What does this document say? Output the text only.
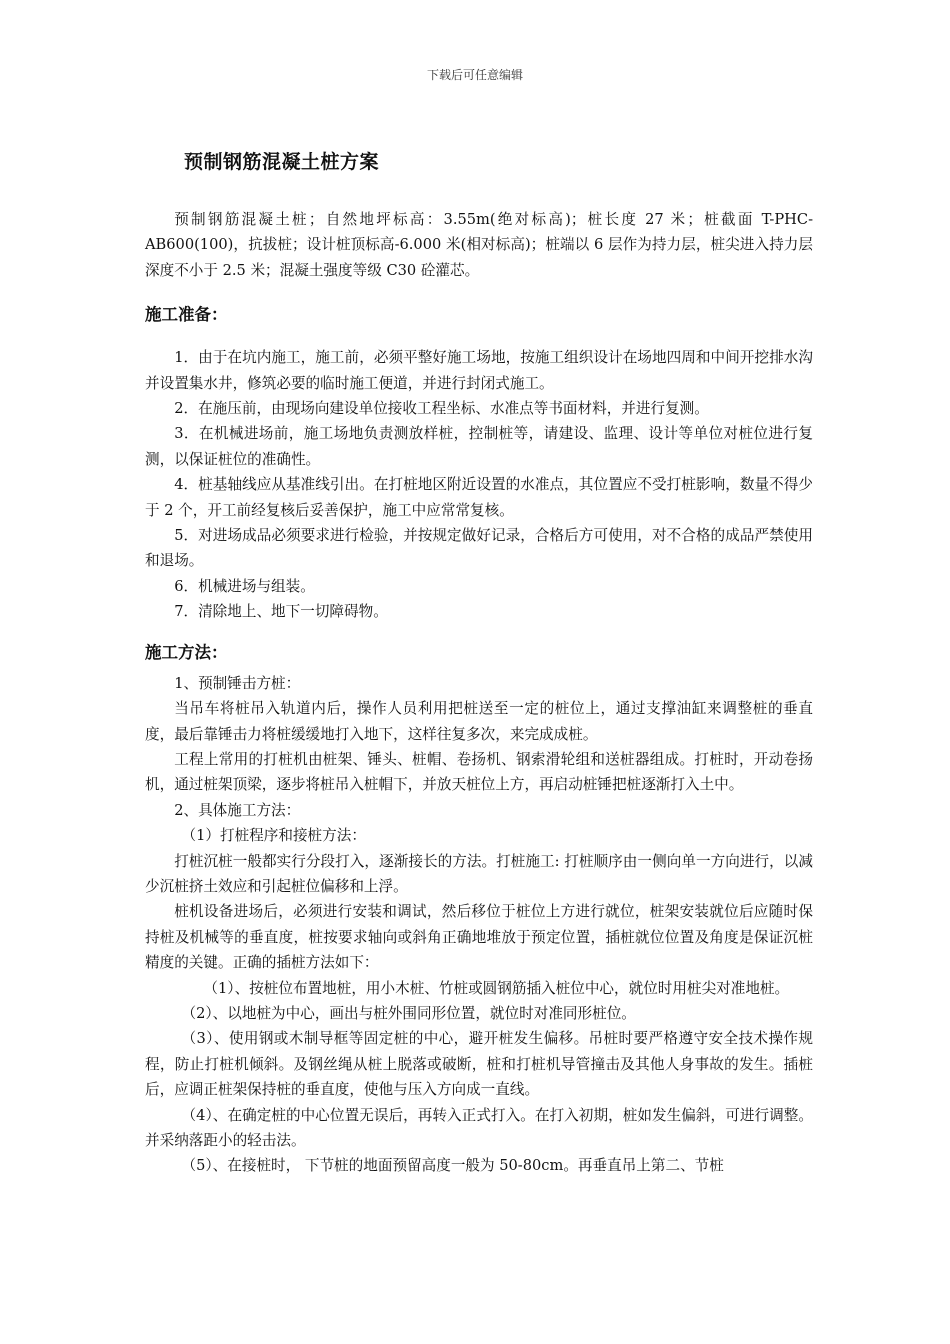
下载后可任意编辑
预制钢筋混凝土桩方案

预制钢筋混凝土桩；自然地坪标高：3.55m(绝对标高)；桩长度 27 米；桩截面 T-PHC-AB600(100)，抗拔桩；设计桩顶标高-6.000 米(相对标高)；桩端以 6 层作为持力层，桩尖进入持力层深度不小于 2.5 米；混凝土强度等级 C30 砼灌芯。

施工准备：

1．由于在坑内施工，施工前，必须平整好施工场地，按施工组织设计在场地四周和中间开挖排水沟并设置集水井，修筑必要的临时施工便道，并进行封闭式施工。

2．在施压前，由现场向建设单位接收工程坐标、水准点等书面材料，并进行复测。

3．在机械进场前，施工场地负责测放样桩，控制桩等，请建设、监理、设计等单位对桩位进行复测，以保证桩位的准确性。

4．桩基轴线应从基准线引出。在打桩地区附近设置的水准点，其位置应不受打桩影响，数量不得少于 2 个，开工前经复核后妥善保护，施工中应常常复核。

5．对进场成品必须要求进行检验，并按规定做好记录，合格后方可使用，对不合格的成品严禁使用和退场。

6．机械进场与组装。

7．清除地上、地下一切障碍物。

施工方法：

1、预制锤击方桩：

当吊车将桩吊入轨道内后，操作人员利用把桩送至一定的桩位上，通过支撑油缸来调整桩的垂直度，最后靠锤击力将桩缓缓地打入地下，这样往复多次，来完成成桩。

工程上常用的打桩机由桩架、锤头、桩帽、卷扬机、钢索滑轮组和送桩器组成。打桩时，开动卷扬机，通过桩架顶梁，逐步将桩吊入桩帽下，并放天桩位上方，再启动桩锤把桩逐渐打入土中。

2、具体施工方法：

（1）打桩程序和接桩方法：

打桩沉桩一般都实行分段打入，逐渐接长的方法。打桩施工: 打桩顺序由一侧向单一方向进行，以减少沉桩挤土效应和引起桩位偏移和上浮。

桩机设备进场后，必须进行安装和调试，然后移位于桩位上方进行就位，桩架安装就位后应随时保持桩及机械等的垂直度，桩按要求轴向或斜角正确地堆放于预定位置，插桩就位位置及角度是保证沉桩精度的关键。正确的插桩方法如下：

（1）、按桩位布置地桩，用小木桩、竹桩或圆钢筋插入桩位中心，就位时用桩尖对准地桩。

（2）、以地桩为中心，画出与桩外围同形位置，就位时对准同形桩位。

（3）、使用钢或木制导框等固定桩的中心，避开桩发生偏移。吊桩时要严格遵守安全技术操作规程，防止打桩机倾斜。及钢丝绳从桩上脱落或破断，桩和打桩机导管撞击及其他人身事故的发生。插桩后，应调正桩架保持桩的垂直度，使他与压入方向成一直线。

（4）、在确定桩的中心位置无误后，再转入正式打入。在打入初期，桩如发生偏斜，可进行调整。并采纳落距小的轻击法。

（5）、在接桩时， 下节桩的地面预留高度一般为 50-80cm。再垂直吊上第二、节桩
